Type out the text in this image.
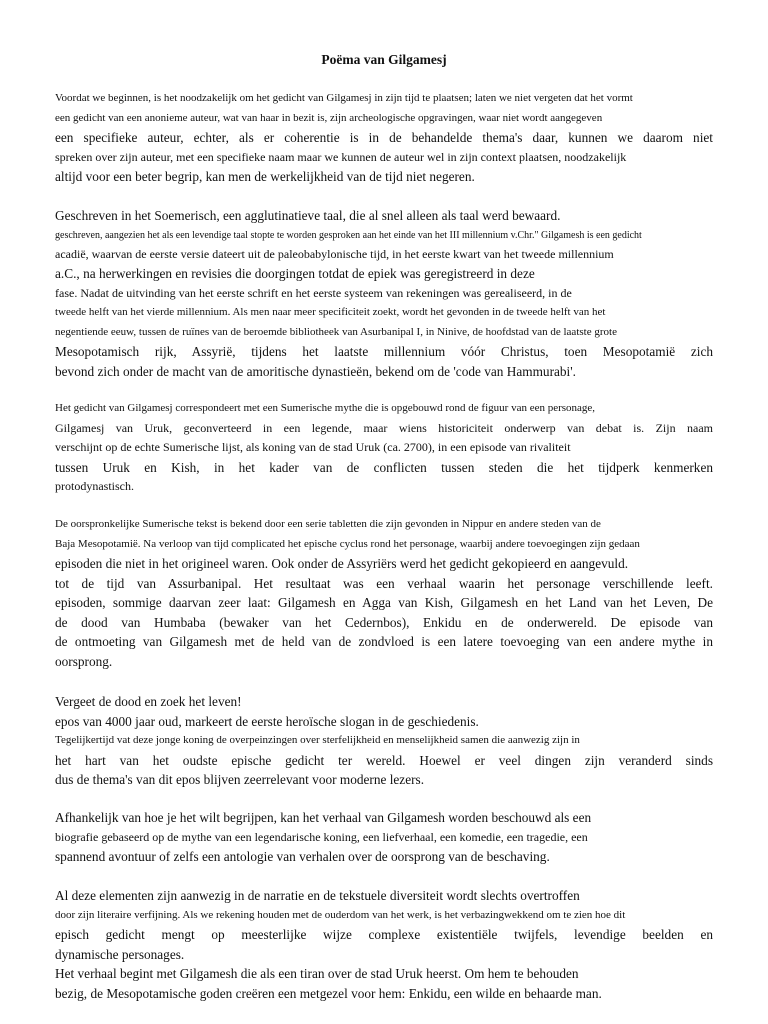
Poëma van Gilgamesj
Voordat we beginnen, is het noodzakelijk om het gedicht van Gilgamesj in zijn tijd te plaatsen; laten we niet vergeten dat het vormt
een gedicht van een anonieme auteur, wat van haar in bezit is, zijn archeologische opgravingen, waar niet wordt aangegeven
een specifieke auteur, echter, als er coherentie is in de behandelde thema's daar, kunnen we daarom niet
spreken over zijn auteur, met een specifieke naam maar we kunnen de auteur wel in zijn context plaatsen, noodzakelijk
altijd voor een beter begrip, kan men de werkelijkheid van de tijd niet negeren.
Geschreven in het Soemerisch, een agglutinatieve taal, die al snel alleen als taal werd bewaard.
geschreven, aangezien het als een levendige taal stopte te worden gesproken aan het einde van het III millennium v.Chr." Gilgamesh is een gedicht
acadië, waarvan de eerste versie dateert uit de paleobabylonische tijd, in het eerste kwart van het tweede millennium
a.C., na herwerkingen en revisies die doorgingen totdat de epiek was geregistreerd in deze
fase. Nadat de uitvinding van het eerste schrift en het eerste systeem van rekeningen was gerealiseerd, in de
tweede helft van het vierde millennium. Als men naar meer specificiteit zoekt, wordt het gevonden in de tweede helft van het
negentiende eeuw, tussen de ruïnes van de beroemde bibliotheek van Asurbanipal I, in Ninive, de hoofdstad van de laatste grote
Mesopotamisch rijk, Assyrië, tijdens het laatste millennium vóór Christus, toen Mesopotamië zich
bevond zich onder de macht van de amoritische dynastieën, bekend om de 'code van Hammurabi'.
Het gedicht van Gilgamesj correspondeert met een Sumerische mythe die is opgebouwd rond de figuur van een personage,
Gilgamesj van Uruk, geconverteerd in een legende, maar wiens historiciteit onderwerp van debat is. Zijn naam
verschijnt op de echte Sumerische lijst, als koning van de stad Uruk (ca. 2700), in een episode van rivaliteit
tussen Uruk en Kish, in het kader van de conflicten tussen steden die het tijdperk kenmerken
protodynastisch.
De oorspronkelijke Sumerische tekst is bekend door een serie tabletten die zijn gevonden in Nippur en andere steden van de
Baja Mesopotamië. Na verloop van tijd complicated het epische cyclus rond het personage, waarbij andere toevoegingen zijn gedaan
episoden die niet in het origineel waren. Ook onder de Assyriërs werd het gedicht gekopieerd en aangevuld.
tot de tijd van Assurbanipal. Het resultaat was een verhaal waarin het personage verschillende leeft.
episoden, sommige daarvan zeer laat: Gilgamesh en Agga van Kish, Gilgamesh en het Land van het Leven, De
de dood van Humbaba (bewaker van het Cedernbos), Enkidu en de onderwereld. De episode van
de ontmoeting van Gilgamesh met de held van de zondvloed is een latere toevoeging van een andere mythe in
oorsprong.
Vergeet de dood en zoek het leven!
epos van 4000 jaar oud, markeert de eerste heroïsche slogan in de geschiedenis.
Tegelijkertijd vat deze jonge koning de overpeinzingen over sterfelijkheid en menselijkheid samen die aanwezig zijn in
het hart van het oudste epische gedicht ter wereld. Hoewel er veel dingen zijn veranderd sinds
dus de thema's van dit epos blijven zeerrelevant voor moderne lezers.
Afhankelijk van hoe je het wilt begrijpen, kan het verhaal van Gilgamesh worden beschouwd als een
biografie gebaseerd op de mythe van een legendarische koning, een liefverhaal, een komedie, een tragedie, een
spannend avontuur of zelfs een antologie van verhalen over de oorsprong van de beschaving.
Al deze elementen zijn aanwezig in de narratie en de tekstuele diversiteit wordt slechts overtroffen
door zijn literaire verfijning. Als we rekening houden met de ouderdom van het werk, is het verbazingwekkend om te zien hoe dit
episch gedicht mengt op meesterlijke wijze complexe existentiële twijfels, levendige beelden en
dynamische personages.
Het verhaal begint met Gilgamesh die als een tiran over de stad Uruk heerst. Om hem te behouden
bezig, de Mesopotamische goden creëren een metgezel voor hem: Enkidu, een wilde en behaarde man.
